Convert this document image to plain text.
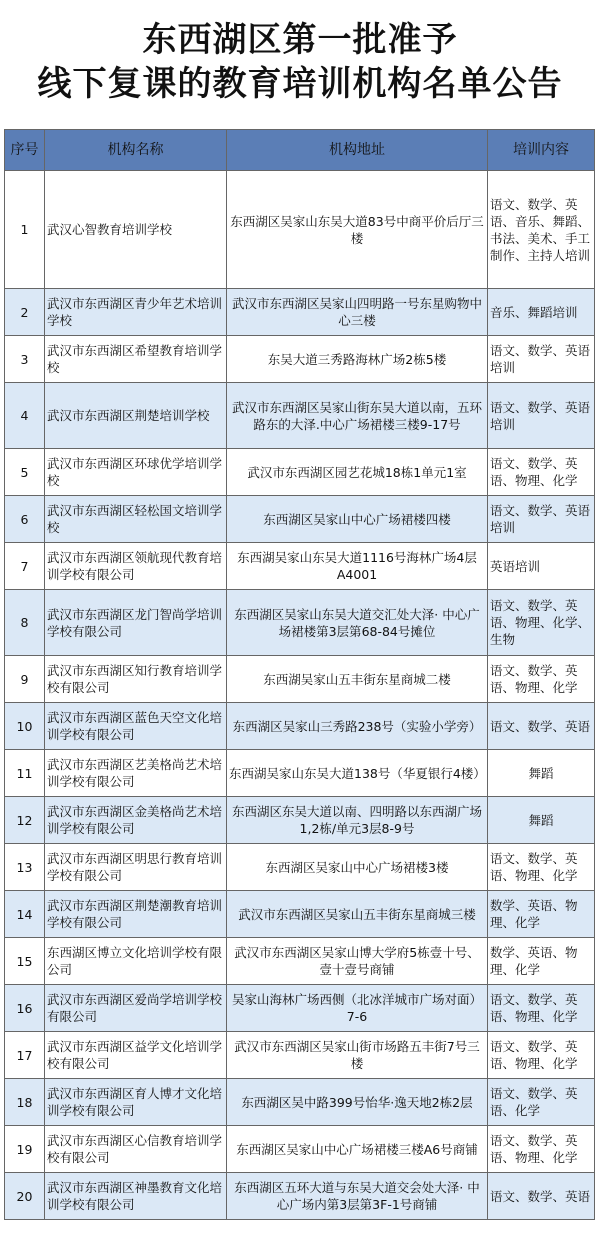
东西湖区第一批准予
线下复课的教育培训机构名单公告
序号	机构名称	机构地址	培训内容
1	武汉心智教育培训学校	东西湖区吴家山东吴大道83号中商平价后厅三楼	语文、数学、英语、音乐、舞蹈、书法、美术、手工制作、主持人培训
2	武汉市东西湖区青少年艺术培训学校	武汉市东西湖区吴家山四明路一号东星购物中心三楼	音乐、舞蹈培训
3	武汉市东西湖区希望教育培训学校	东吴大道三秀路海林广场2栋5楼	语文、数学、英语培训
4	武汉市东西湖区荆楚培训学校	武汉市东西湖区吴家山街东吴大道以南，五环路东的大泽.中心广场裙楼三楼9-17号	语文、数学、英语培训
5	武汉市东西湖区环球优学培训学校	武汉市东西湖区园艺花城18栋1单元1室	语文、数学、英语、物理、化学
6	武汉市东西湖区轻松国文培训学校	东西湖区吴家山中心广场裙楼四楼	语文、数学、英语培训
7	武汉市东西湖区领航现代教育培训学校有限公司	东西湖吴家山东吴大道1116号海林广场4层A4001	英语培训
8	武汉市东西湖区龙门智尚学培训学校有限公司	东西湖区吴家山东吴大道交汇处大泽· 中心广场裙楼第3层第68-84号摊位	语文、数学、英语、物理、化学、生物
9	武汉市东西湖区知行教育培训学校有限公司	东西湖吴家山五丰街东星商城二楼	语文、数学、英语、物理、化学
10	武汉市东西湖区蓝色天空文化培训学校有限公司	东西湖区吴家山三秀路238号（实验小学旁）	语文、数学、英语
11	武汉市东西湖区艺美格尚艺术培训学校有限公司	东西湖吴家山东吴大道138号（华夏银行4楼）	舞蹈
12	武汉市东西湖区金美格尚艺术培训学校有限公司	东西湖区东吴大道以南、四明路以东西湖广场1,2栋/单元3层8-9号	舞蹈
13	武汉市东西湖区明思行教育培训学校有限公司	东西湖区吴家山中心广场裙楼3楼	语文、数学、英语、物理、化学
14	武汉市东西湖区荆楚潮教育培训学校有限公司	武汉市东西湖区吴家山五丰街东星商城三楼	数学、英语、物理、化学
15	东西湖区博立文化培训学校有限公司	武汉市东西湖区吴家山博大学府5栋壹十号、壹十壹号商铺	数学、英语、物理、化学
16	武汉市东西湖区爱尚学培训学校有限公司	吴家山海林广场西侧（北冰洋城市广场对面）7-6	语文、数学、英语、物理、化学
17	武汉市东西湖区益学文化培训学校有限公司	武汉市东西湖区吴家山街市场路五丰街7号三楼	语文、数学、英语、物理、化学
18	武汉市东西湖区育人博才文化培训学校有限公司	东西湖区吴中路399号怡华·逸天地2栋2层	语文、数学、英语、化学
19	武汉市东西湖区心信教育培训学校有限公司	东西湖区吴家山中心广场裙楼三楼A6号商铺	语文、数学、英语、物理、化学
20	武汉市东西湖区神墨教育文化培训学校有限公司	东西湖区五环大道与东吴大道交会处大泽· 中心广场内第3层第3F-1号商铺	语文、数学、英语
